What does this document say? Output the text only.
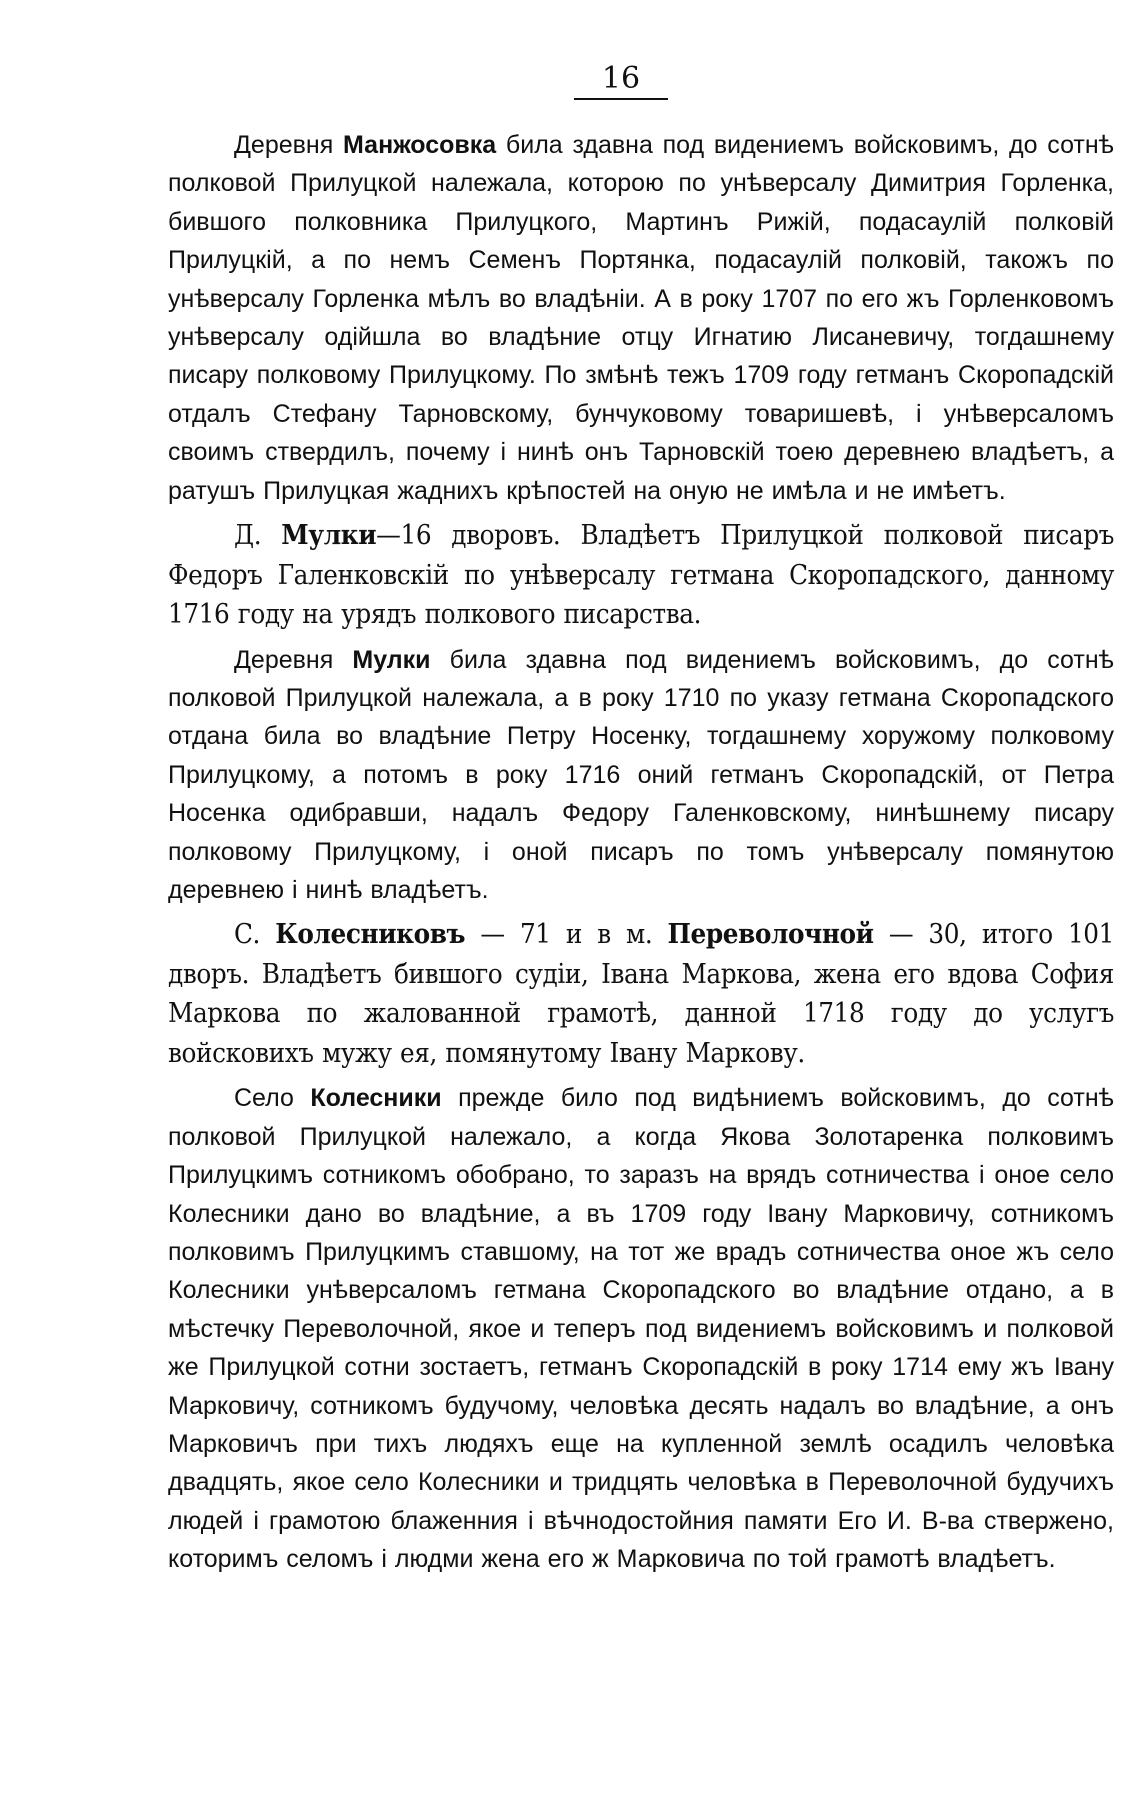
16

Деревня Манжосовка била здавна под видениемъ войсковимъ, до сотнѣ полковой Прилуцкой належала, которою по унѣверсалу Димитрия Горленка, бившого полковника Прилуцкого, Мартинъ Рижій, подасаулій полковій Прилуцкій, а по немъ Семенъ Портянка, подасаулій полковій, такожъ по унѣверсалу Горленка мѣлъ во владѣніи. А в року 1707 по его жъ Горленковомъ унѣверсалу одійшла во владѣние отцу Игнатию Лисаневичу, тогдашнему писару полковому Прилуцкому. По змѣнѣ тежъ 1709 году гетманъ Скоропадскій отдалъ Стефану Тарновскому, бунчуковому товаришевѣ, і унѣверсаломъ своимъ ствердилъ, почему і нинѣ онъ Тарновскій тоею деревнею владѣетъ, а ратушъ Прилуцкая жаднихъ крѣпостей на оную не имѣла и не имѣетъ.

Д. Мулки—16 дворовъ. Владѣетъ Прилуцкой полковой писаръ Федоръ Галенковскій по унѣверсалу гетмана Скоропадского, данному 1716 году на урядъ полкового писарства.

Деревня Мулки била здавна под видениемъ войсковимъ, до сотнѣ полковой Прилуцкой належала, а в року 1710 по указу гетмана Скоропадского отдана била во владѣние Петру Носенку, тогдашнему хоружому полковому Прилуцкому, а потомъ в року 1716 оний гетманъ Скоропадскій, от Петра Носенка одибравши, надалъ Федору Галенковскому, нинѣшнему писару полковому Прилуцкому, і оной писаръ по томъ унѣверсалу помянутою деревнею і нинѣ владѣетъ.

С. Колесниковъ — 71 и в м. Переволочной — 30, итого 101 дворъ. Владѣетъ бившого судіи, Івана Маркова, жена его вдова София Маркова по жалованной грамотѣ, данной 1718 году до услугъ войсковихъ мужу ея, помянутому Івану Маркову.

Село Колесники прежде било под видѣниемъ войсковимъ, до сотнѣ полковой Прилуцкой належало, а когда Якова Золотаренка полковимъ Прилуцкимъ сотникомъ обобрано, то заразъ на врядъ сотничества і оное село Колесники дано во владѣние, а въ 1709 году Івану Марковичу, сотникомъ полковимъ Прилуцкимъ ставшому, на тот же врадъ сотничества оное жъ село Колесники унѣверсаломъ гетмана Скоропадского во владѣние отдано, а в мѣстечку Переволочной, якое и теперъ под видениемъ войсковимъ и полковой же Прилуцкой сотни зостаетъ, гетманъ Скоропадскій в року 1714 ему жъ Івану Марковичу, сотникомъ будучому, человѣка десять надалъ во владѣние, а онъ Марковичъ при тихъ людяхъ еще на купленной землѣ осадилъ человѣка двадцять, якое село Колесники и тридцять человѣка в Переволочной будучихъ людей і грамотою блаженния і вѣчнодостойния памяти Его И. В-ва ствержено, которимъ селомъ і людми жена его ж Марковича по той грамотѣ владѣетъ.
